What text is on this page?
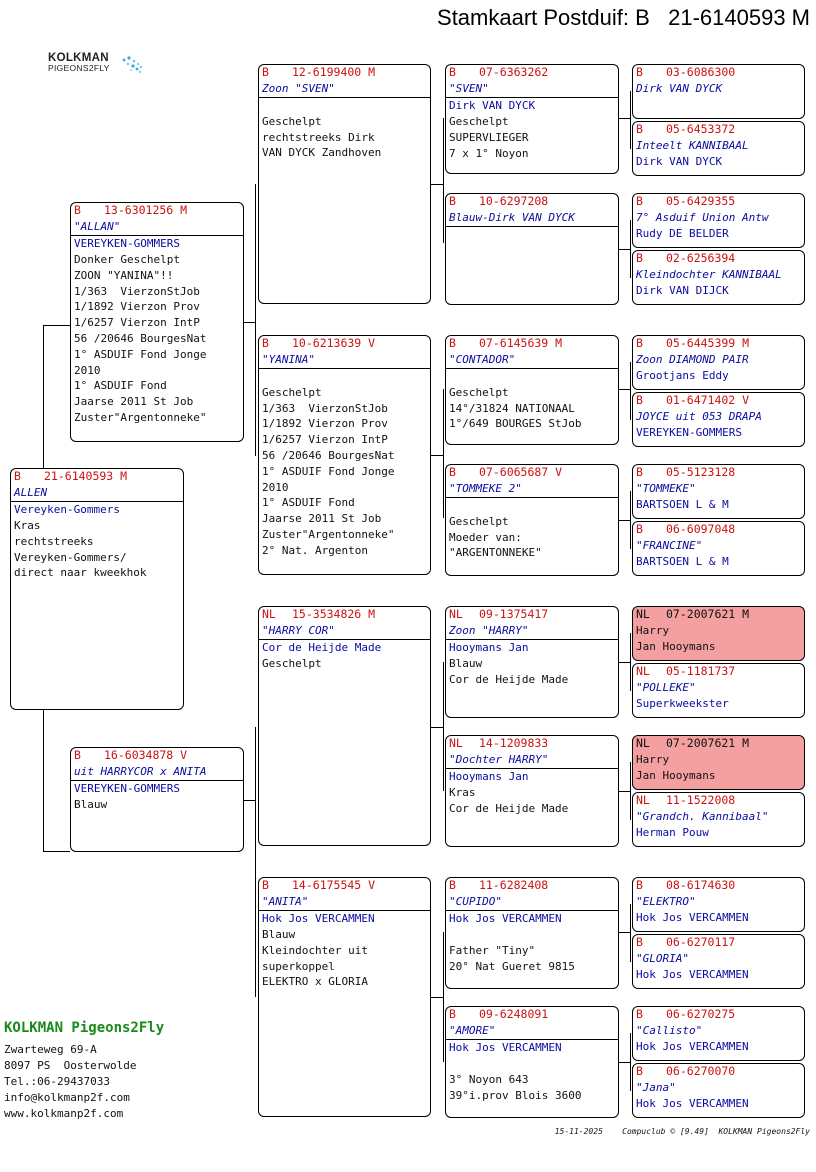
Stamkaart Postduif: B   21-6140593 M
KOLKMAN
PIGEONS2FLY
B 21-6140593 M
ALLEN
Vereyken-Gommers
Kras
rechtstreeks
Vereyken-Gommers/
direct naar kweekhok
B 13-6301256 M
"ALLAN"
VEREYKEN-GOMMERS
Donker Geschelpt
ZOON "YANINA"!!
1/363  VierzonStJob
1/1892 Vierzon Prov
1/6257 Vierzon IntP
56 /20646 BourgesNat
1° ASDUIF Fond Jonge
2010
1° ASDUIF Fond
Jaarse 2011 St Job
Zuster"Argentonneke"
B 16-6034878 V
uit HARRYCOR x ANITA
VEREYKEN-GOMMERS
Blauw
B 12-6199400 M
Zoon "SVEN"
Geschelpt
rechtstreeks Dirk
VAN DYCK Zandhoven
B 10-6213639 V
"YANINA"
Geschelpt
1/363  VierzonStJob
1/1892 Vierzon Prov
1/6257 Vierzon IntP
56 /20646 BourgesNat
1° ASDUIF Fond Jonge
2010
1° ASDUIF Fond
Jaarse 2011 St Job
Zuster"Argentonneke"
2° Nat. Argenton
NL 15-3534826 M
"HARRY COR"
Cor de Heijde Made
Geschelpt
B 14-6175545 V
"ANITA"
Hok Jos VERCAMMEN
Blauw
Kleindochter uit
superkoppel
ELEKTRO x GLORIA
B 07-6363262
"SVEN"
Dirk VAN DYCK
Geschelpt
SUPERVLIEGER
7 x 1° Noyon
B 10-6297208
Blauw-Dirk VAN DYCK
B 07-6145639 M
"CONTADOR"
Geschelpt
14°/31824 NATIONAAL
1°/649 BOURGES StJob
B 07-6065687 V
"TOMMEKE 2"
Geschelpt
Moeder van:
"ARGENTONNEKE"
NL 09-1375417
Zoon "HARRY"
Hooymans Jan
Blauw
Cor de Heijde Made
NL 14-1209833
"Dochter HARRY"
Hooymans Jan
Kras
Cor de Heijde Made
B 11-6282408
"CUPIDO"
Hok Jos VERCAMMEN
Father "Tiny"
20° Nat Gueret 9815
B 09-6248091
"AMORE"
Hok Jos VERCAMMEN
3° Noyon 643
39°i.prov Blois 3600
B 03-6086300
Dirk VAN DYCK
B 05-6453372
Inteelt KANNIBAAL
Dirk VAN DYCK
B 05-6429355
7° Asduif Union Antw
Rudy DE BELDER
B 02-6256394
Kleindochter KANNIBAAL
Dirk VAN DIJCK
B 05-6445399 M
Zoon DIAMOND PAIR
Grootjans Eddy
B 01-6471402 V
JOYCE uit 053 DRAPA
VEREYKEN-GOMMERS
B 05-5123128
"TOMMEKE"
BARTSOEN L & M
B 06-6097048
"FRANCINE"
BARTSOEN L & M
NL 07-2007621 M
Harry
Jan Hooymans
NL 05-1181737
"POLLEKE"
Superkweekster
NL 07-2007621 M
Harry
Jan Hooymans
NL 11-1522008
"Grandch. Kannibaal"
Herman Pouw
B 08-6174630
"ELEKTRO"
Hok Jos VERCAMMEN
B 06-6270117
"GLORIA"
Hok Jos VERCAMMEN
B 06-6270275
"Callisto"
Hok Jos VERCAMMEN
B 06-6270070
"Jana"
Hok Jos VERCAMMEN
KOLKMAN Pigeons2Fly
Zwarteweg 69-A
8097 PS  Oosterwolde
Tel.:06-29437033
info@kolkmanp2f.com
www.kolkmanp2f.com
15-11-2025    Compuclub © [9.49]  KOLKMAN Pigeons2Fly
